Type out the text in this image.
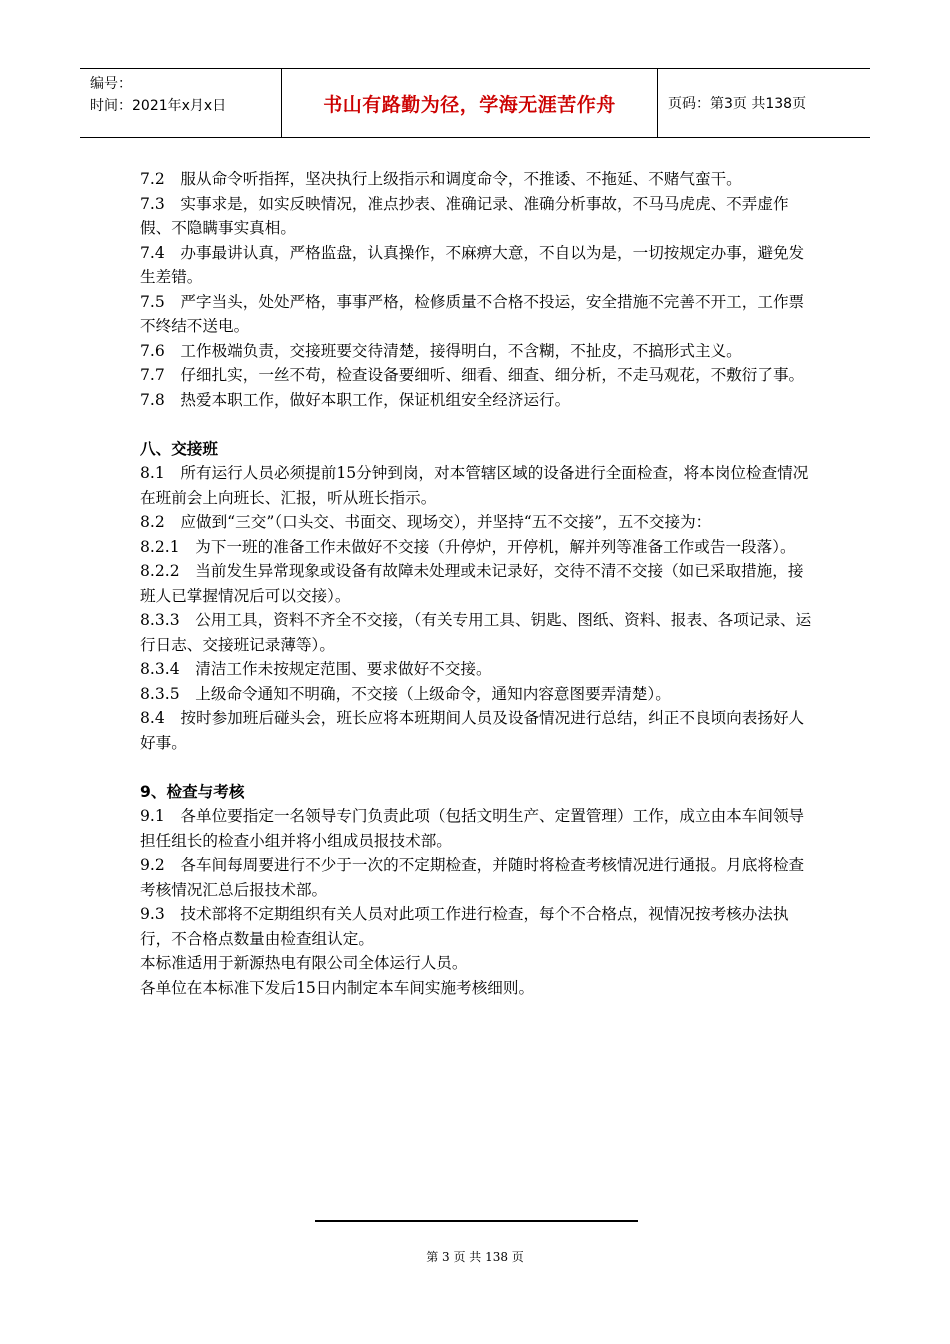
编号：
时间：2021年x月x日	书山有路勤为径，学海无涯苦作舟	页码：第3页 共138页

7.2　服从命令听指挥，坚决执行上级指示和调度命令，不推诿、不拖延、不赌气蛮干。

7.3　实事求是，如实反映情况，准点抄表、准确记录、准确分析事故，不马马虎虎、不弄虚作假、不隐瞒事实真相。

7.4　办事最讲认真，严格监盘，认真操作，不麻痹大意，不自以为是，一切按规定办事，避免发生差错。

7.5　严字当头，处处严格，事事严格，检修质量不合格不投运，安全措施不完善不开工，工作票不终结不送电。

7.6　工作极端负责，交接班要交待清楚，接得明白，不含糊，不扯皮，不搞形式主义。

7.7　仔细扎实，一丝不苟，检查设备要细听、细看、细查、细分析，不走马观花，不敷衍了事。

7.8　热爱本职工作，做好本职工作，保证机组安全经济运行。

八、交接班

8.1　所有运行人员必须提前15分钟到岗，对本管辖区域的设备进行全面检查，将本岗位检查情况在班前会上向班长、汇报，听从班长指示。

8.2　应做到“三交”（口头交、书面交、现场交），并坚持“五不交接”，五不交接为：

8.2.1　为下一班的准备工作未做好不交接（升停炉，开停机，解并列等准备工作或告一段落）。

8.2.2　当前发生异常现象或设备有故障未处理或未记录好，交待不清不交接（如已采取措施，接班人已掌握情况后可以交接）。

8.3.3　公用工具，资料不齐全不交接，（有关专用工具、钥匙、图纸、资料、报表、各项记录、运行日志、交接班记录薄等）。

8.3.4　清洁工作未按规定范围、要求做好不交接。

8.3.5　上级命令通知不明确，不交接（上级命令，通知内容意图要弄清楚）。

8.4　按时参加班后碰头会，班长应将本班期间人员及设备情况进行总结，纠正不良顷向表扬好人好事。

9、检查与考核

9.1　各单位要指定一名领导专门负责此项（包括文明生产、定置管理）工作，成立由本车间领导担任组长的检查小组并将小组成员报技术部。

9.2　各车间每周要进行不少于一次的不定期检查，并随时将检查考核情况进行通报。月底将检查考核情况汇总后报技术部。

9.3　技术部将不定期组织有关人员对此项工作进行检查，每个不合格点，视情况按考核办法执行，不合格点数量由检查组认定。

本标准适用于新源热电有限公司全体运行人员。

各单位在本标准下发后15日内制定本车间实施考核细则。

第 3 页 共 138 页
